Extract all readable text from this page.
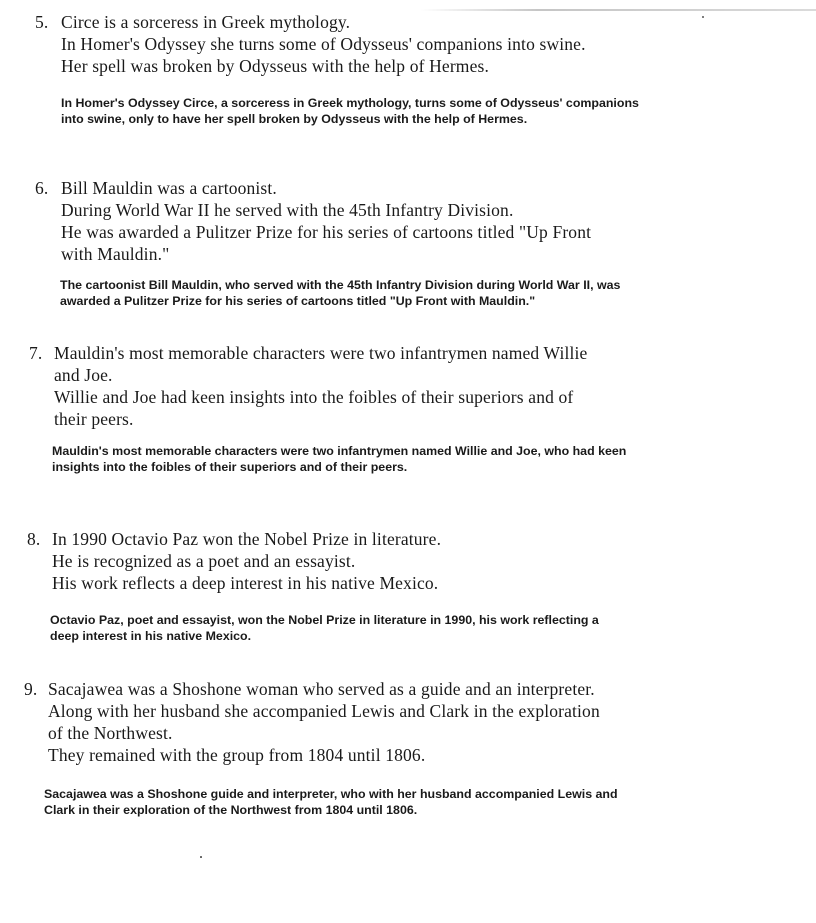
5. Circe is a sorceress in Greek mythology.
In Homer's Odyssey she turns some of Odysseus' companions into swine.
Her spell was broken by Odysseus with the help of Hermes.

In Homer's Odyssey Circe, a sorceress in Greek mythology, turns some of Odysseus' companions
into swine, only to have her spell broken by Odysseus with the help of Hermes.

6. Bill Mauldin was a cartoonist.
During World War II he served with the 45th Infantry Division.
He was awarded a Pulitzer Prize for his series of cartoons titled "Up Front
with Mauldin."

The cartoonist Bill Mauldin, who served with the 45th Infantry Division during World War II, was
awarded a Pulitzer Prize for his series of cartoons titled "Up Front with Mauldin."

7. Mauldin's most memorable characters were two infantrymen named Willie
and Joe.
Willie and Joe had keen insights into the foibles of their superiors and of
their peers.

Mauldin's most memorable characters were two infantrymen named Willie and Joe, who had keen
insights into the foibles of their superiors and of their peers.

8. In 1990 Octavio Paz won the Nobel Prize in literature.
He is recognized as a poet and an essayist.
His work reflects a deep interest in his native Mexico.

Octavio Paz, poet and essayist, won the Nobel Prize in literature in 1990, his work reflecting a
deep interest in his native Mexico.

9. Sacajawea was a Shoshone woman who served as a guide and an interpreter.
Along with her husband she accompanied Lewis and Clark in the exploration
of the Northwest.
They remained with the group from 1804 until 1806.

Sacajawea was a Shoshone guide and interpreter, who with her husband accompanied Lewis and
Clark in their exploration of the Northwest from 1804 until 1806.
